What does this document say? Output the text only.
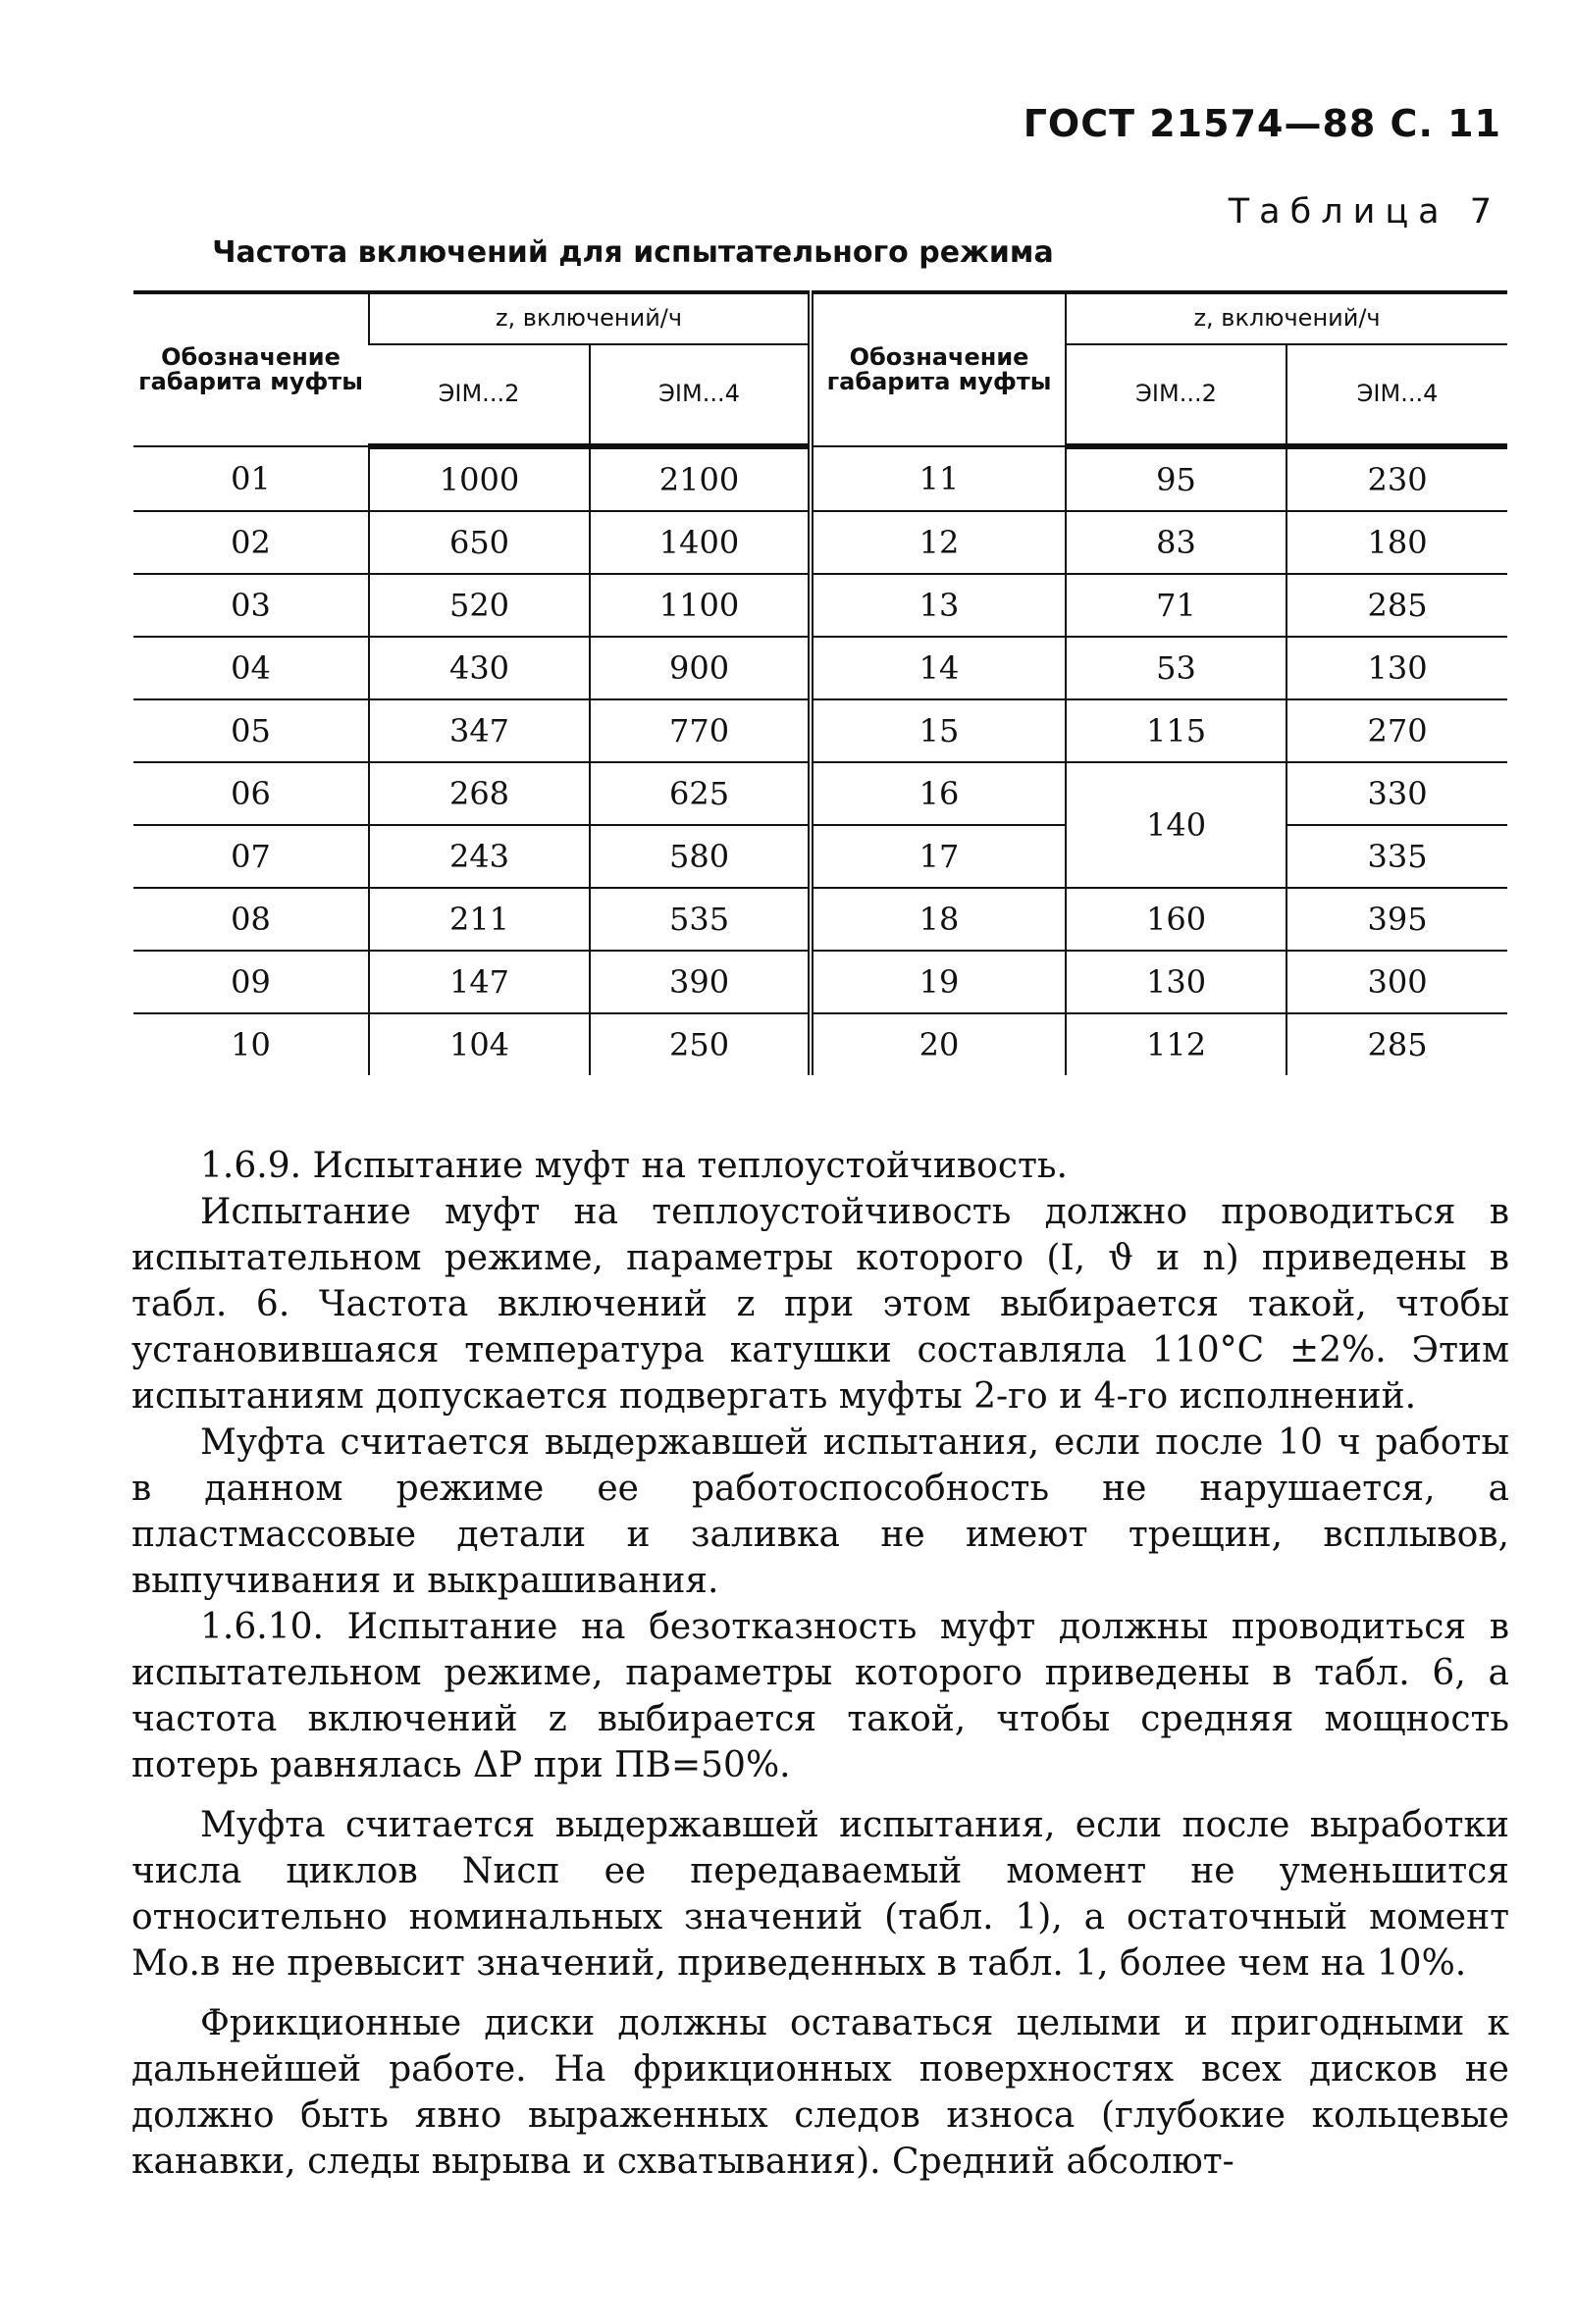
ГОСТ 21574—88 С. 11
Таблица 7
Частота включений для испытательного режима
Обозначение габарита муфты	z, включений/ч		Обозначение габарита муфты	z, включений/ч	
	ЭIМ...2	ЭIМ...4		ЭIМ...2	ЭIМ...4
01	1000	2100	11	95	230
02	650	1400	12	83	180
03	520	1100	13	71	285
04	430	900	14	53	130
05	347	770	15	115	270
06	268	625	16	140	330
07	243	580	17		335
08	211	535	18	160	395
09	147	390	19	130	300
10	104	250	20	112	285

1.6.9. Испытание муфт на теплоустойчивость.

Испытание муфт на теплоустойчивость должно проводиться в испытательном режиме, параметры которого (I, ϑ и n) приведены в табл. 6. Частота включений z при этом выбирается такой, чтобы установившаяся температура катушки составляла 110°C ±2%. Этим испытаниям допускается подвергать муфты 2-го и 4-го исполнений.

Муфта считается выдержавшей испытания, если после 10 ч работы в данном режиме ее работоспособность не нарушается, а пластмассовые детали и заливка не имеют трещин, всплывов, выпучивания и выкрашивания.

1.6.10. Испытание на безотказность муфт должны проводиться в испытательном режиме, параметры которого приведены в табл. 6, а частота включений z выбирается такой, чтобы средняя мощность потерь равнялась ΔP при ПВ=50%.

Муфта считается выдержавшей испытания, если после выработки числа циклов Nисп ее передаваемый момент не уменьшится относительно номинальных значений (табл. 1), а остаточный момент Mо.в не превысит значений, приведенных в табл. 1, более чем на 10%.

Фрикционные диски должны оставаться целыми и пригодными к дальнейшей работе. На фрикционных поверхностях всех дисков не должно быть явно выраженных следов износа (глубокие кольцевые канавки, следы вырыва и схватывания). Средний абсолют-
